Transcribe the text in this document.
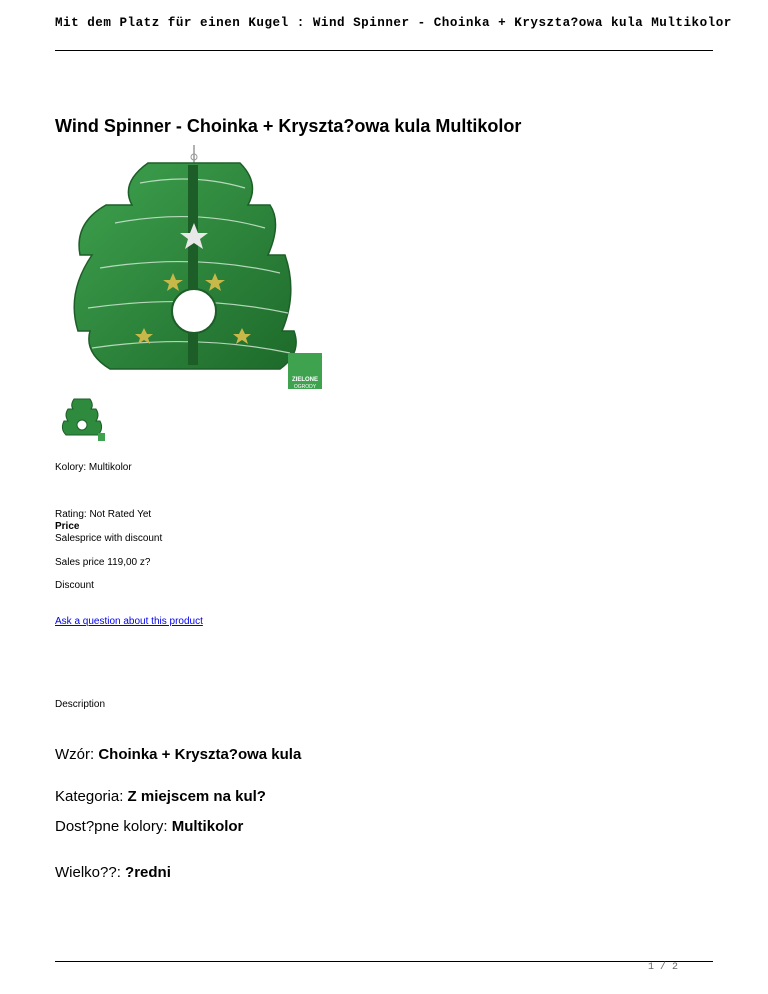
Mit dem Platz für einen Kugel : Wind Spinner - Choinka + Kryszta?owa kula Multikolor
Wind Spinner - Choinka + Kryszta?owa kula Multikolor
ZIELONE
OGRODY
Kolory: Multikolor
Rating: Not Rated Yet
Price
Salesprice with discount
Sales price 119,00 z?
Discount
Ask a question about this product
Description
Wzór: Choinka + Kryszta?owa kula
Kategoria: Z miejscem na kul?
Dost?pne kolory: Multikolor
Wielko??: ?redni
1 / 2
